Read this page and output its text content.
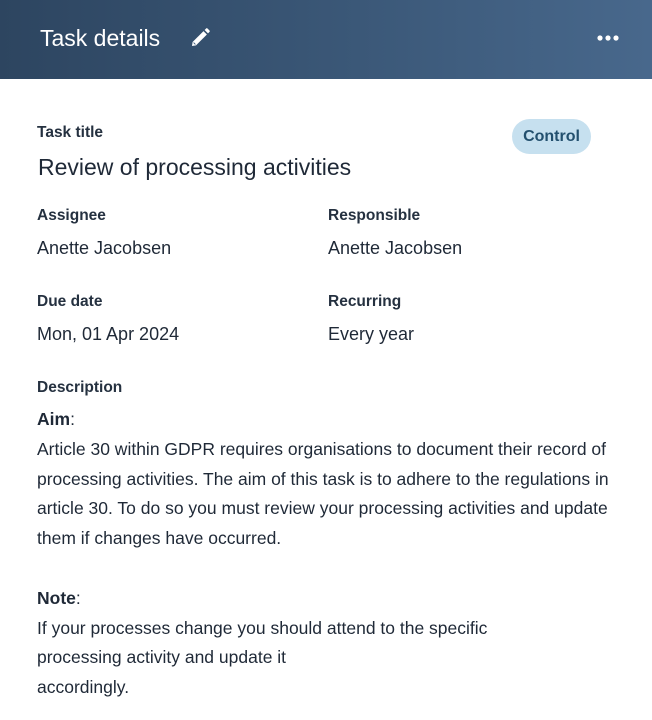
Task details
Task title
Review of processing activities
Control
Assignee
Anette Jacobsen
Responsible
Anette Jacobsen
Due date
Mon, 01 Apr 2024
Recurring
Every year
Description

Aim:

Article 30 within GDPR requires organisations to document their record of processing activities. The aim of this task is to adhere to the regulations in article 30. To do so you must review your processing activities and update them if changes have occurred.

Note:

If your processes change you should attend to the specific processing activity and update it

accordingly.
